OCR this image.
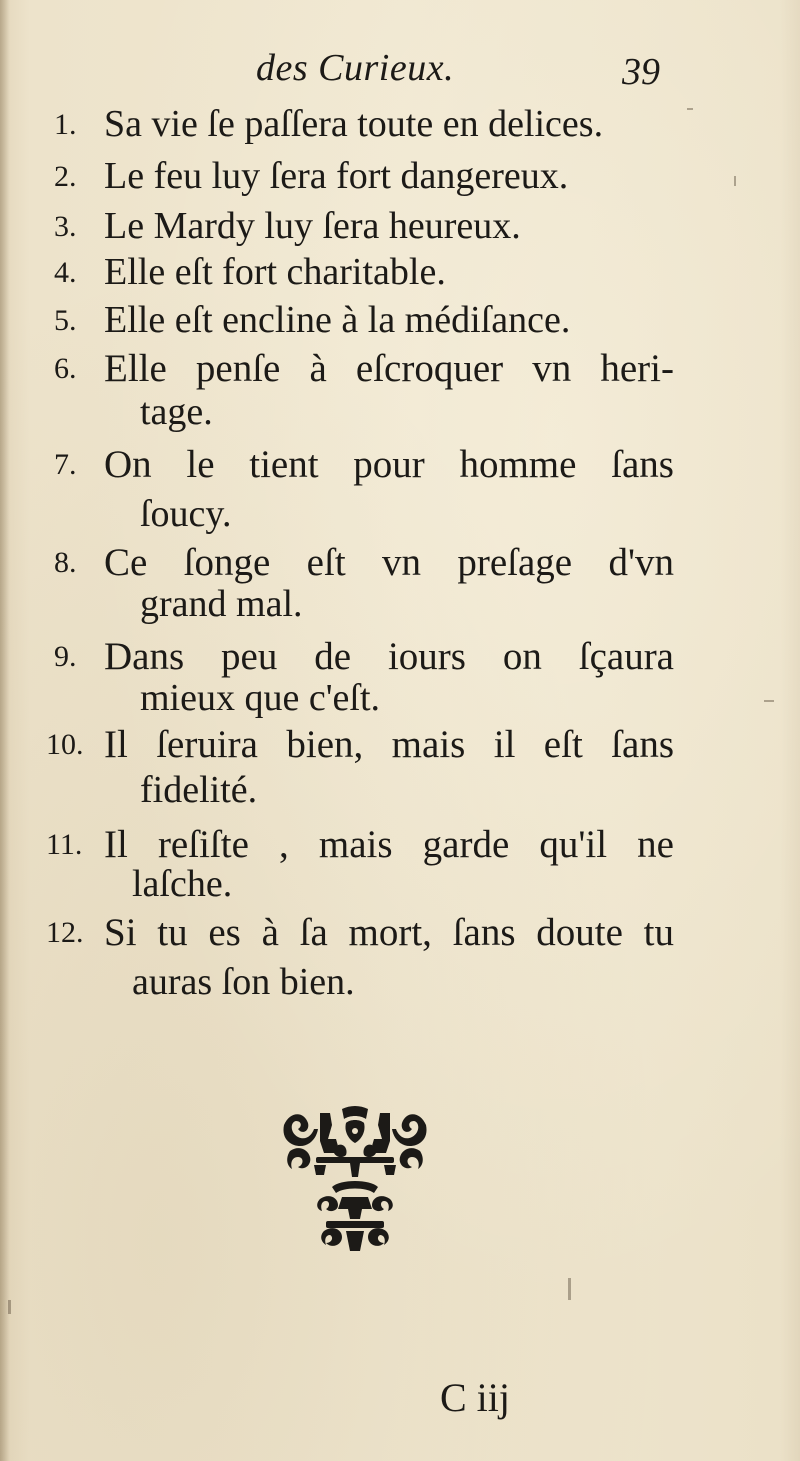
des Curieux.	39
1. Sa vie ſe paſſera toute en delices.
2. Le feu luy ſera fort dangereux.
3. Le Mardy luy ſera heureux.
4. Elle eſt fort charitable.
5. Elle eſt encline à la médiſance.
6. Elle penſe à eſcroquer vn heri-
tage.
7. On le tient pour homme ſans
ſoucy.
8. Ce ſonge eſt vn preſage d'vn
grand mal.
9. Dans peu de iours on ſçaura
mieux que c'eſt.
10. Il ſeruira bien, mais il eſt ſans
fidelité.
11. Il reſiſte , mais garde qu'il ne
laſche.
12. Si tu es à ſa mort, ſans doute tu
auras ſon bien.
C iij
